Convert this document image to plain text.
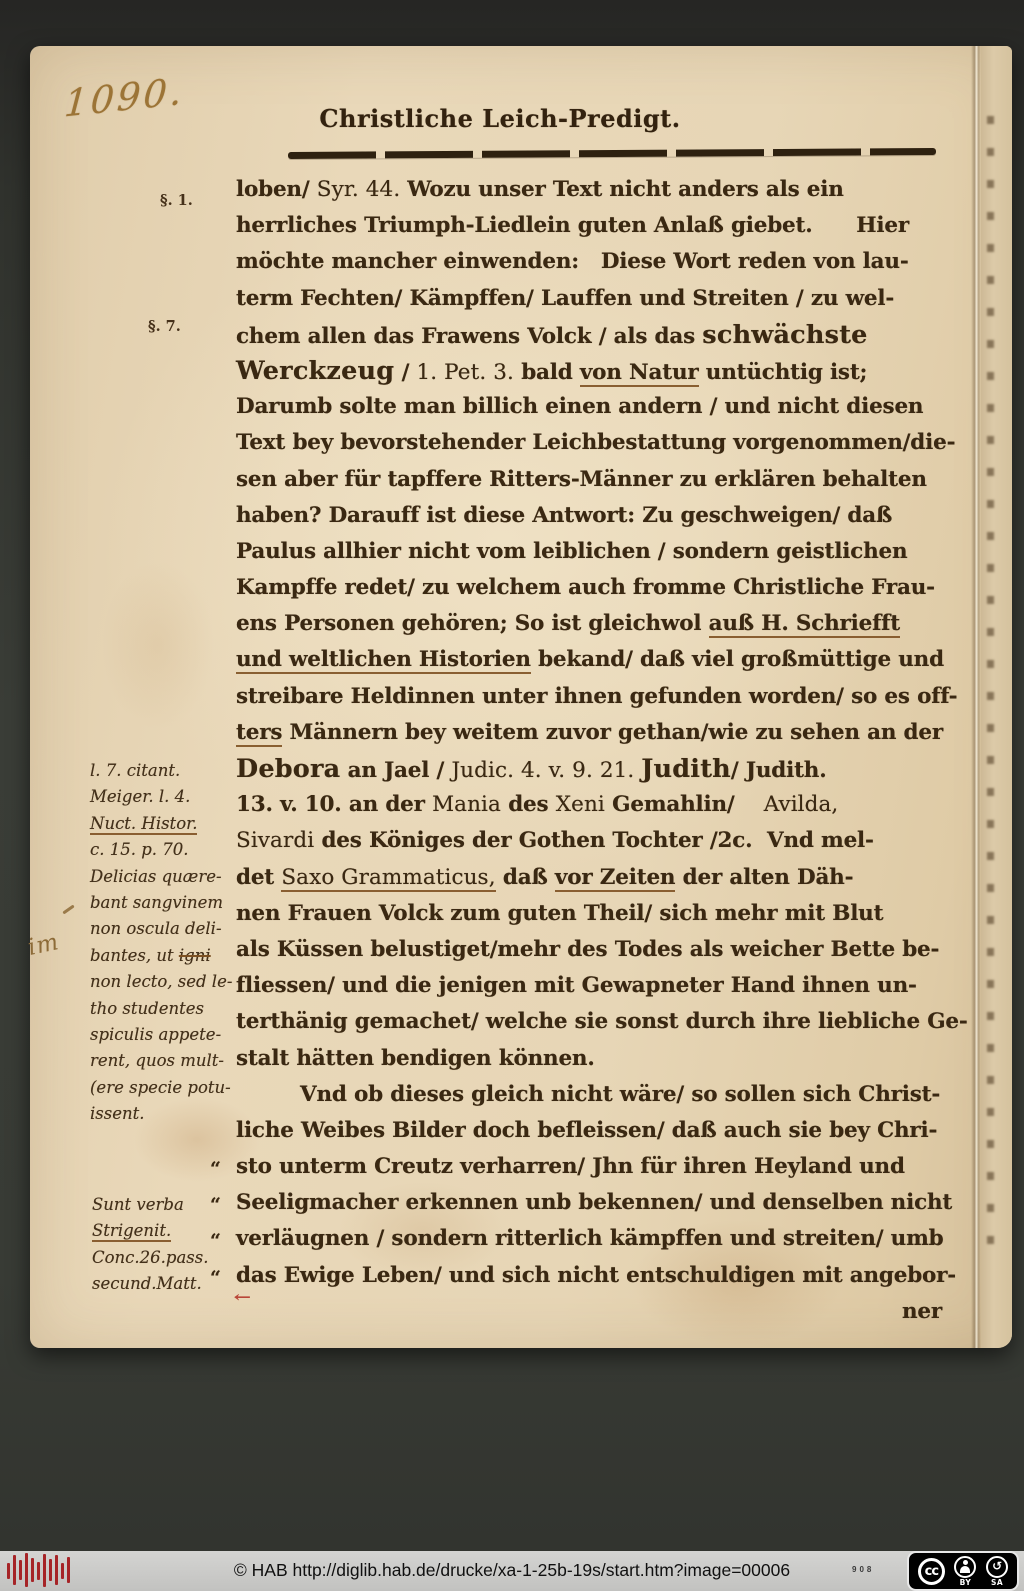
1090.	Christliche Leich-Predigt.
§. 1.
§. 7.
loben/ Syr. 44. Wozu unser Text nicht anders als ein
herrliches Triumph-Liedlein guten Anlaß giebet.      Hier
möchte mancher einwenden:   Diese Wort reden von lau-
term Fechten/ Kämpffen/ Lauffen und Streiten / zu wel-
chem allen das Frawens Volck / als das schwächste
Werckzeug / 1. Pet. 3. bald von Natur untüchtig ist;
Darumb solte man billich einen andern / und nicht diesen
Text bey bevorstehender Leichbestattung vorgenommen/die-
sen aber für tapffere Ritters-Männer zu erklären behalten
haben? Darauff ist diese Antwort: Zu geschweigen/ daß
Paulus allhier nicht vom leiblichen / sondern geistlichen
Kampffe redet/ zu welchem auch fromme Christliche Frau-
ens Personen gehören; So ist gleichwol auß H. Schriefft
und weltlichen Historien bekand/ daß viel großmüttige und
streibare Heldinnen unter ihnen gefunden worden/ so es off-
ters Männern bey weitem zuvor gethan/wie zu sehen an der
Debora an Jael / Judic. 4. v. 9. 21. Judith/ Judith.
13. v. 10. an der Mania des Xeni Gemahlin/    Avilda,
Sivardi des Königes der Gothen Tochter /2c.  Vnd mel-
det Saxo Grammaticus, daß vor Zeiten der alten Däh-
nen Frauen Volck zum guten Theil/ sich mehr mit Blut
als Küssen belustiget/mehr des Todes als weicher Bette be-
fliessen/ und die jenigen mit Gewapneter Hand ihnen un-
terthänig gemachet/ welche sie sonst durch ihre liebliche Ge-
stalt hätten bendigen können.
Vnd ob dieses gleich nicht wäre/ so sollen sich Christ-
liche Weibes Bilder doch befleissen/ daß auch sie bey Chri-
“ sto unterm Creutz verharren/ Jhn für ihren Heyland und
“ Seeligmacher erkennen unb bekennen/ und denselben nicht
“ verläugnen / sondern ritterlich kämpffen und streiten/ umb
“ das Ewige Leben/ und sich nicht entschuldigen mit angebor-
ner
l. 7. citant.
Meiger. l. 4.
Nuct. Histor.
c. 15. p. 70.
Delicias quære-
bant sangvinem
non oscula deli-
bantes, ut igni
non lecto, sed le-
tho studentes
spiculis appete-
rent, quos mult-
(ere specie potu-
issent.
Sunt verba
Strigenit.
Conc.26.pass.
secund.Matt.
im
←
© HAB http://diglib.hab.de/drucke/xa-1-25b-19s/start.htm?image=00006	908	cc
BY
↺
SA
